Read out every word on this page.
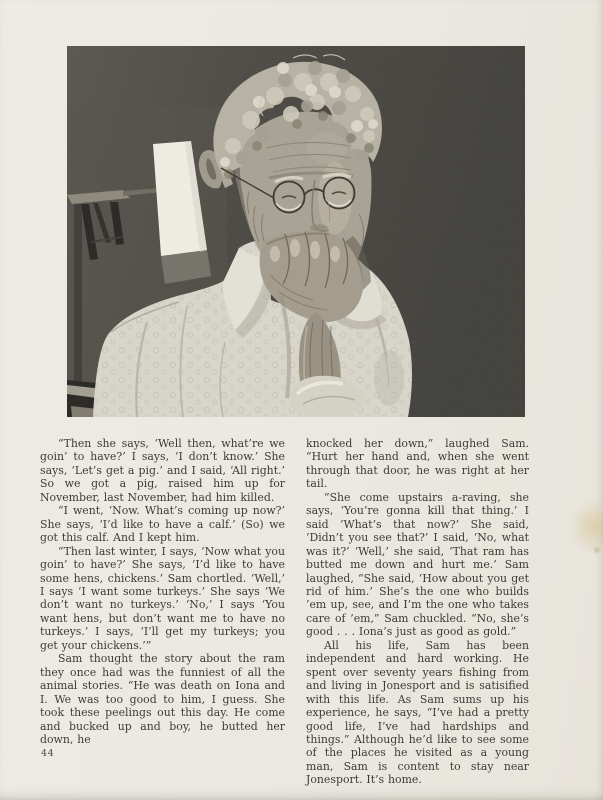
“Then she says, ‘Well then, what’re we goin’ to have?’ I says, ‘I don’t know.’ She says, ‘Let’s get a pig.’ and I said, ‘All right.’ So we got a pig, raised him up for November, last November, had him killed.

“I went, ‘Now. What’s coming up now?’ She says, ‘I’d like to have a calf.’ (So) we got this calf. And I kept him.

“Then last winter, I says, ‘Now what you goin’ to have?’ She says, ‘I’d like to have some hens, chickens.’ Sam chortled. ‘Well,’ I says ‘I want some turkeys.’ She says ‘We don’t want no turkeys.’ ‘No,’ I says ‘You want hens, but don’t want me to have no turkeys.’ I says, ‘I’ll get my turkeys; you get your chickens.’”

Sam thought the story about the ram they once had was the funniest of all the animal stories. “He was death on Iona and I. We was too good to him, I guess. She took these peelings out this day. He come and bucked up and boy, he butted her down, he

knocked her down,” laughed Sam. “Hurt her hand and, when she went through that door, he was right at her tail.

“She come upstairs a-raving, she says, ‘You’re gonna kill that thing.’ I said ‘What’s that now?’ She said, ‘Didn’t you see that?’ I said, ‘No, what was it?’ ‘Well,’ she said, ‘That ram has butted me down and hurt me.’ Sam laughed, “She said, ‘How about you get rid of him.’ She’s the one who builds ’em up, see, and I’m the one who takes care of ’em,” Sam chuckled. “No, she’s good . . . Iona’s just as good as gold.”

All his life, Sam has been independent and hard working. He spent over seventy years fishing from and living in Jonesport and is satisified with this life. As Sam sums up his experience, he says, “I’ve had a pretty good life, I’ve had hardships and things.” Although he’d like to see some of the places he visited as a young man, Sam is content to stay near Jonesport. It’s home.

44
